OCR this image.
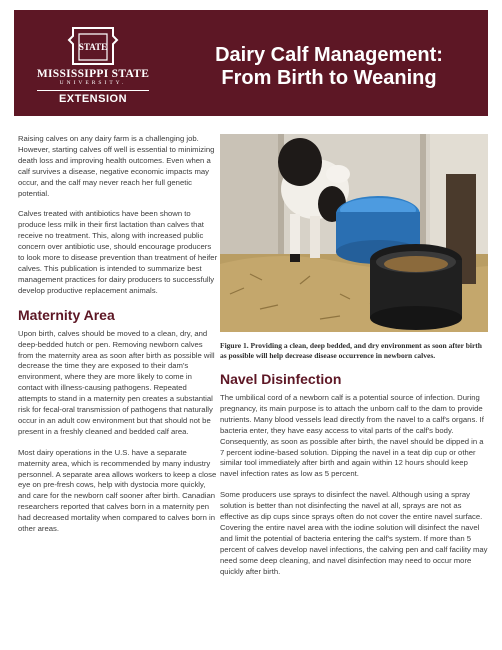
STATE
MISSISSIPPI STATE
UNIVERSITY.
EXTENSION
Dairy Calf Management:
From Birth to Weaning

Raising calves on any dairy farm is a challenging job. However, starting calves off well is essential to minimizing death loss and improving health outcomes. Even when a calf survives a disease, negative economic impacts may occur, and the calf may never reach her full genetic potential.

Calves treated with antibiotics have been shown to produce less milk in their first lactation than calves that receive no treatment. This, along with increased public concern over antibiotic use, should encourage producers to look more to disease prevention than treatment of heifer calves. This publication is intended to summarize best management practices for dairy producers to successfully develop productive replacement animals.

Maternity Area

Upon birth, calves should be moved to a clean, dry, and deep-bedded hutch or pen. Removing newborn calves from the maternity area as soon after birth as possible will decrease the time they are exposed to their dam's environment, where they are more likely to come in contact with illness-causing pathogens. Repeated attempts to stand in a maternity pen creates a substantial risk for fecal-oral transmission of pathogens that naturally occur in an adult cow environment but that should not be present in a freshly cleaned and bedded calf area.

Most dairy operations in the U.S. have a separate maternity area, which is recommended by many industry personnel. A separate area allows workers to keep a close eye on pre-fresh cows, help with dystocia more quickly, and care for the newborn calf sooner after birth. Canadian researchers reported that calves born in a maternity pen had decreased mortality when compared to calves born in other areas.

Figure 1. Providing a clean, deep bedded, and dry environment as soon after birth as possible will help decrease disease occurrence in newborn calves.

Navel Disinfection

The umbilical cord of a newborn calf is a potential source of infection. During pregnancy, its main purpose is to attach the unborn calf to the dam to provide nutrients. Many blood vessels lead directly from the navel to a calf's organs. If bacteria enter, they have easy access to vital parts of the calf's body. Consequently, as soon as possible after birth, the navel should be dipped in a 7 percent iodine-based solution. Dipping the navel in a teat dip cup or other similar tool immediately after birth and again within 12 hours should keep navel infection rates as low as 5 percent.

Some producers use sprays to disinfect the navel. Although using a spray solution is better than not disinfecting the navel at all, sprays are not as effective as dip cups since sprays often do not cover the entire navel surface. Covering the entire navel area with the iodine solution will disinfect the navel and limit the potential of bacteria entering the calf's system. If more than 5 percent of calves develop navel infections, the calving pen and calf facility may need some deep cleaning, and navel disinfection may need to occur more quickly after birth.
